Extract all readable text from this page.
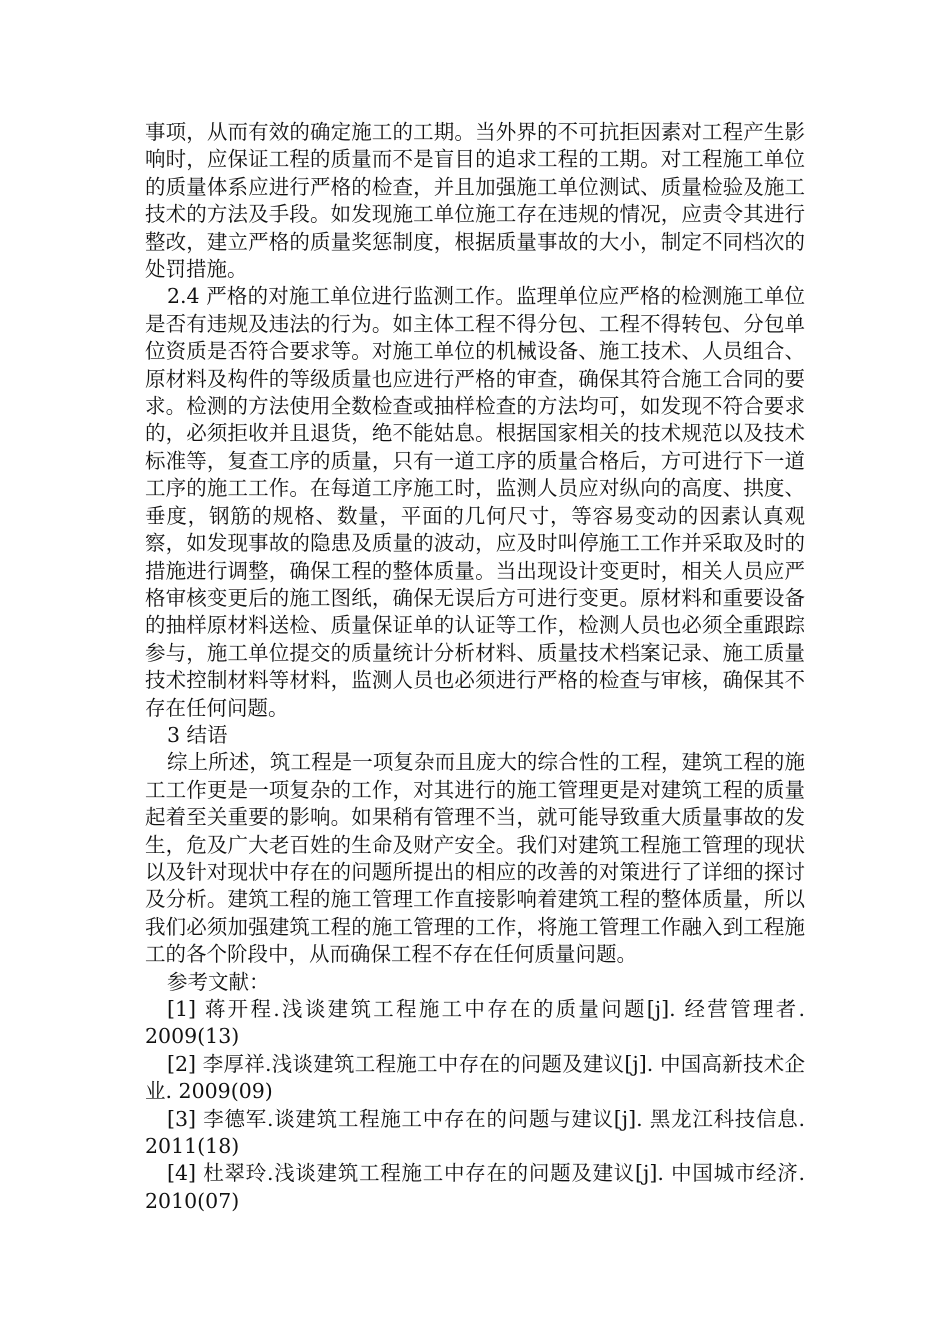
事项，从而有效的确定施工的工期。当外界的不可抗拒因素对工程产生影响时，应保证工程的质量而不是盲目的追求工程的工期。对工程施工单位的质量体系应进行严格的检查，并且加强施工单位测试、质量检验及施工技术的方法及手段。如发现施工单位施工存在违规的情况，应责令其进行整改，建立严格的质量奖惩制度，根据质量事故的大小，制定不同档次的处罚措施。

2.4 严格的对施工单位进行监测工作。监理单位应严格的检测施工单位是否有违规及违法的行为。如主体工程不得分包、工程不得转包、分包单位资质是否符合要求等。对施工单位的机械设备、施工技术、人员组合、原材料及构件的等级质量也应进行严格的审查，确保其符合施工合同的要求。检测的方法使用全数检查或抽样检查的方法均可，如发现不符合要求的，必须拒收并且退货，绝不能姑息。根据国家相关的技术规范以及技术标准等，复查工序的质量，只有一道工序的质量合格后，方可进行下一道工序的施工工作。在每道工序施工时，监测人员应对纵向的高度、拱度、垂度，钢筋的规格、数量，平面的几何尺寸，等容易变动的因素认真观察，如发现事故的隐患及质量的波动，应及时叫停施工工作并采取及时的措施进行调整，确保工程的整体质量。当出现设计变更时，相关人员应严格审核变更后的施工图纸，确保无误后方可进行变更。原材料和重要设备的抽样原材料送检、质量保证单的认证等工作，检测人员也必须全重跟踪参与，施工单位提交的质量统计分析材料、质量技术档案记录、施工质量技术控制材料等材料，监测人员也必须进行严格的检查与审核，确保其不存在任何问题。

3 结语

综上所述，筑工程是一项复杂而且庞大的综合性的工程，建筑工程的施工工作更是一项复杂的工作，对其进行的施工管理更是对建筑工程的质量起着至关重要的影响。如果稍有管理不当，就可能导致重大质量事故的发生，危及广大老百姓的生命及财产安全。我们对建筑工程施工管理的现状以及针对现状中存在的问题所提出的相应的改善的对策进行了详细的探讨及分析。建筑工程的施工管理工作直接影响着建筑工程的整体质量，所以我们必须加强建筑工程的施工管理的工作，将施工管理工作融入到工程施工的各个阶段中，从而确保工程不存在任何质量问题。

参考文献：

[1] 蒋开程.浅谈建筑工程施工中存在的质量问题[j]. 经营管理者. 2009(13)

[2] 李厚祥.浅谈建筑工程施工中存在的问题及建议[j]. 中国高新技术企业. 2009(09)

[3] 李德军.谈建筑工程施工中存在的问题与建议[j]. 黑龙江科技信息. 2011(18)

[4] 杜翠玲.浅谈建筑工程施工中存在的问题及建议[j]. 中国城市经济. 2010(07)
